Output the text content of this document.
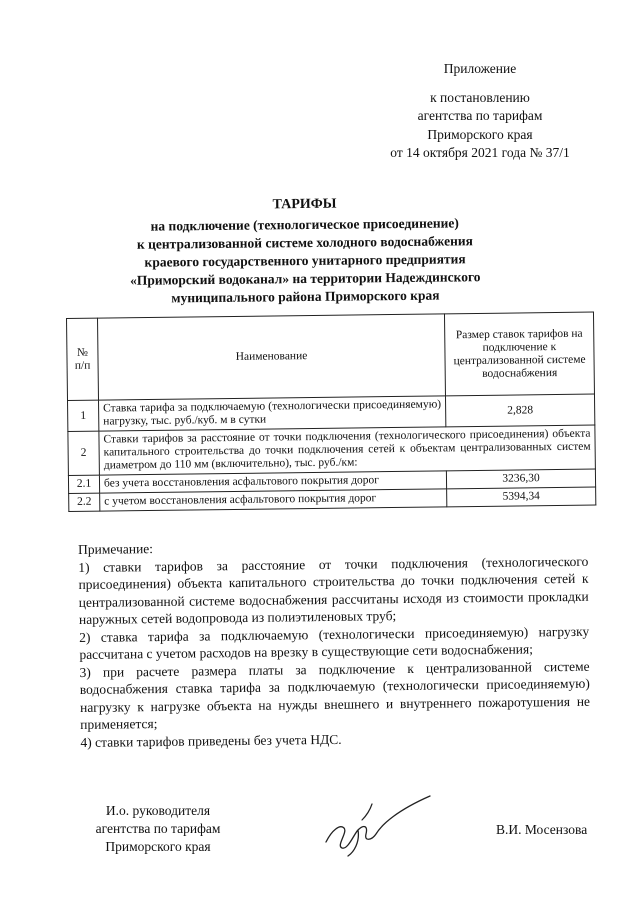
Приложение
к постановлению
агентства по тарифам
Приморского края
от 14 октября 2021 года № 37/1
ТАРИФЫ
на подключение (технологическое присоединение)
к централизованной системе холодного водоснабжения
краевого государственного унитарного предприятия
«Приморский водоканал» на территории Надеждинского
муниципального района Приморского края
№ п/п	Наименование	Размер ставок тарифов на подключение к централизованной системе водоснабжения
1	Ставка тарифа за подключаемую (технологически присоединяемую) нагрузку, тыс. руб./куб. м в сутки	2,828
2	Ставки тарифов за расстояние от точки подключения (технологического присоединения) объекта капитального строительства до точки подключения сетей к объектам централизованных систем диаметром до 110 мм (включительно), тыс. руб./км:	
2.1	без учета восстановления асфальтового покрытия дорог	3236,30
2.2	с учетом восстановления асфальтового покрытия дорог	5394,34

Примечание:

1) ставки тарифов за расстояние от точки подключения (технологического присоединения) объекта капитального строительства до точки подключения сетей к централизованной системе водоснабжения рассчитаны исходя из стоимости прокладки наружных сетей водопровода из полиэтиленовых труб;

2) ставка тарифа за подключаемую (технологически присоединяемую) нагрузку рассчитана с учетом расходов на врезку в существующие сети водоснабжения;

3) при расчете размера платы за подключение к централизованной системе водоснабжения ставка тарифа за подключаемую (технологически присоединяемую) нагрузку к нагрузке объекта на нужды внешнего и внутреннего пожаротушения не применяется;

4) ставки тарифов приведены без учета НДС.

И.о. руководителя
агентства по тарифам
Приморского края
В.И. Мосензова
